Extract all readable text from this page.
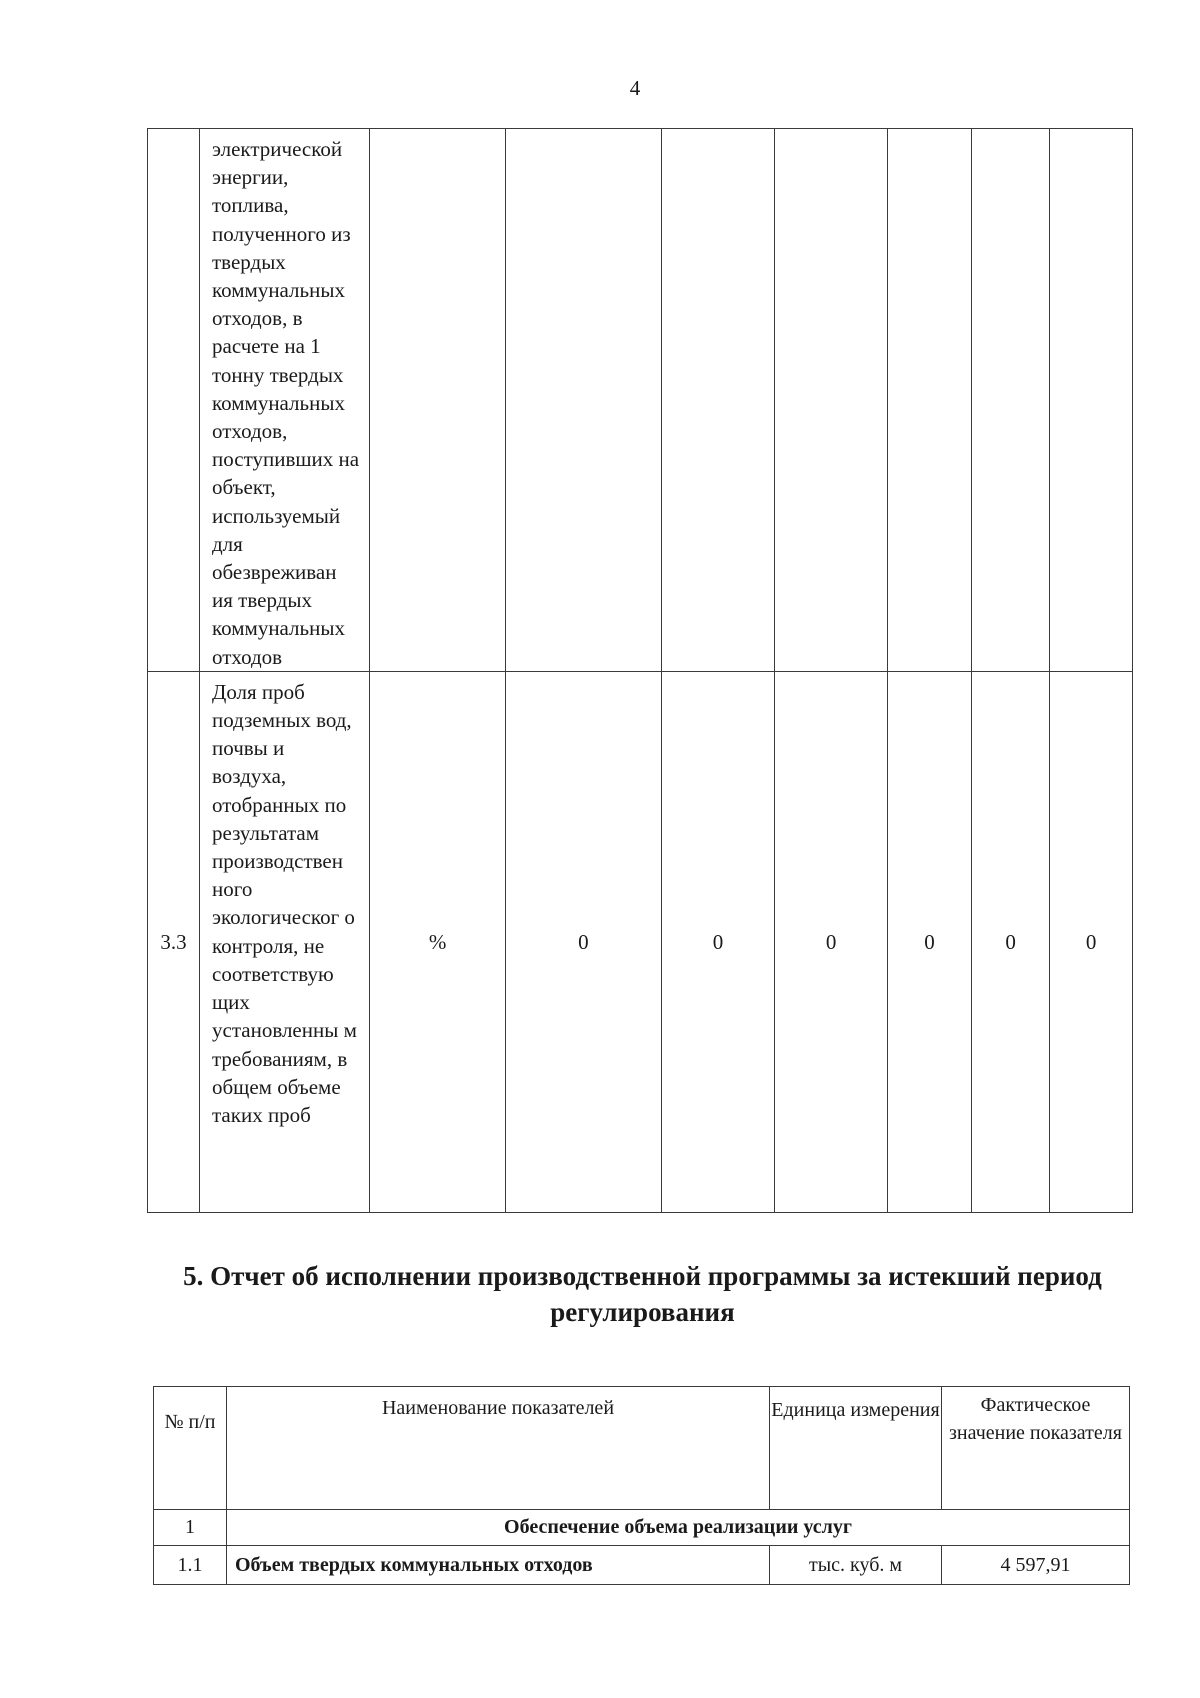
4
	электрической энергии, топлива, полученного из твердых коммунальных отходов, в расчете на 1 тонну твердых коммунальных отходов, поступивших на объект, используемый для обезвреживан ия твердых коммунальных отходов							
3.3	Доля проб подземных вод, почвы и воздуха, отобранных по результатам производствен ного экологическог о контроля, не соответствую щих установленны м требованиям, в общем объеме таких проб	%	0	0	0	0	0	0
5. Отчет об исполнении производственной программы за истекший период регулирования
№ п/п	Наименование показателей	Единица измерения	Фактическое значение показателя
1	Обеспечение объема реализации услуг		
1.1	Объем твердых коммунальных отходов	тыс. куб. м	4 597,91
